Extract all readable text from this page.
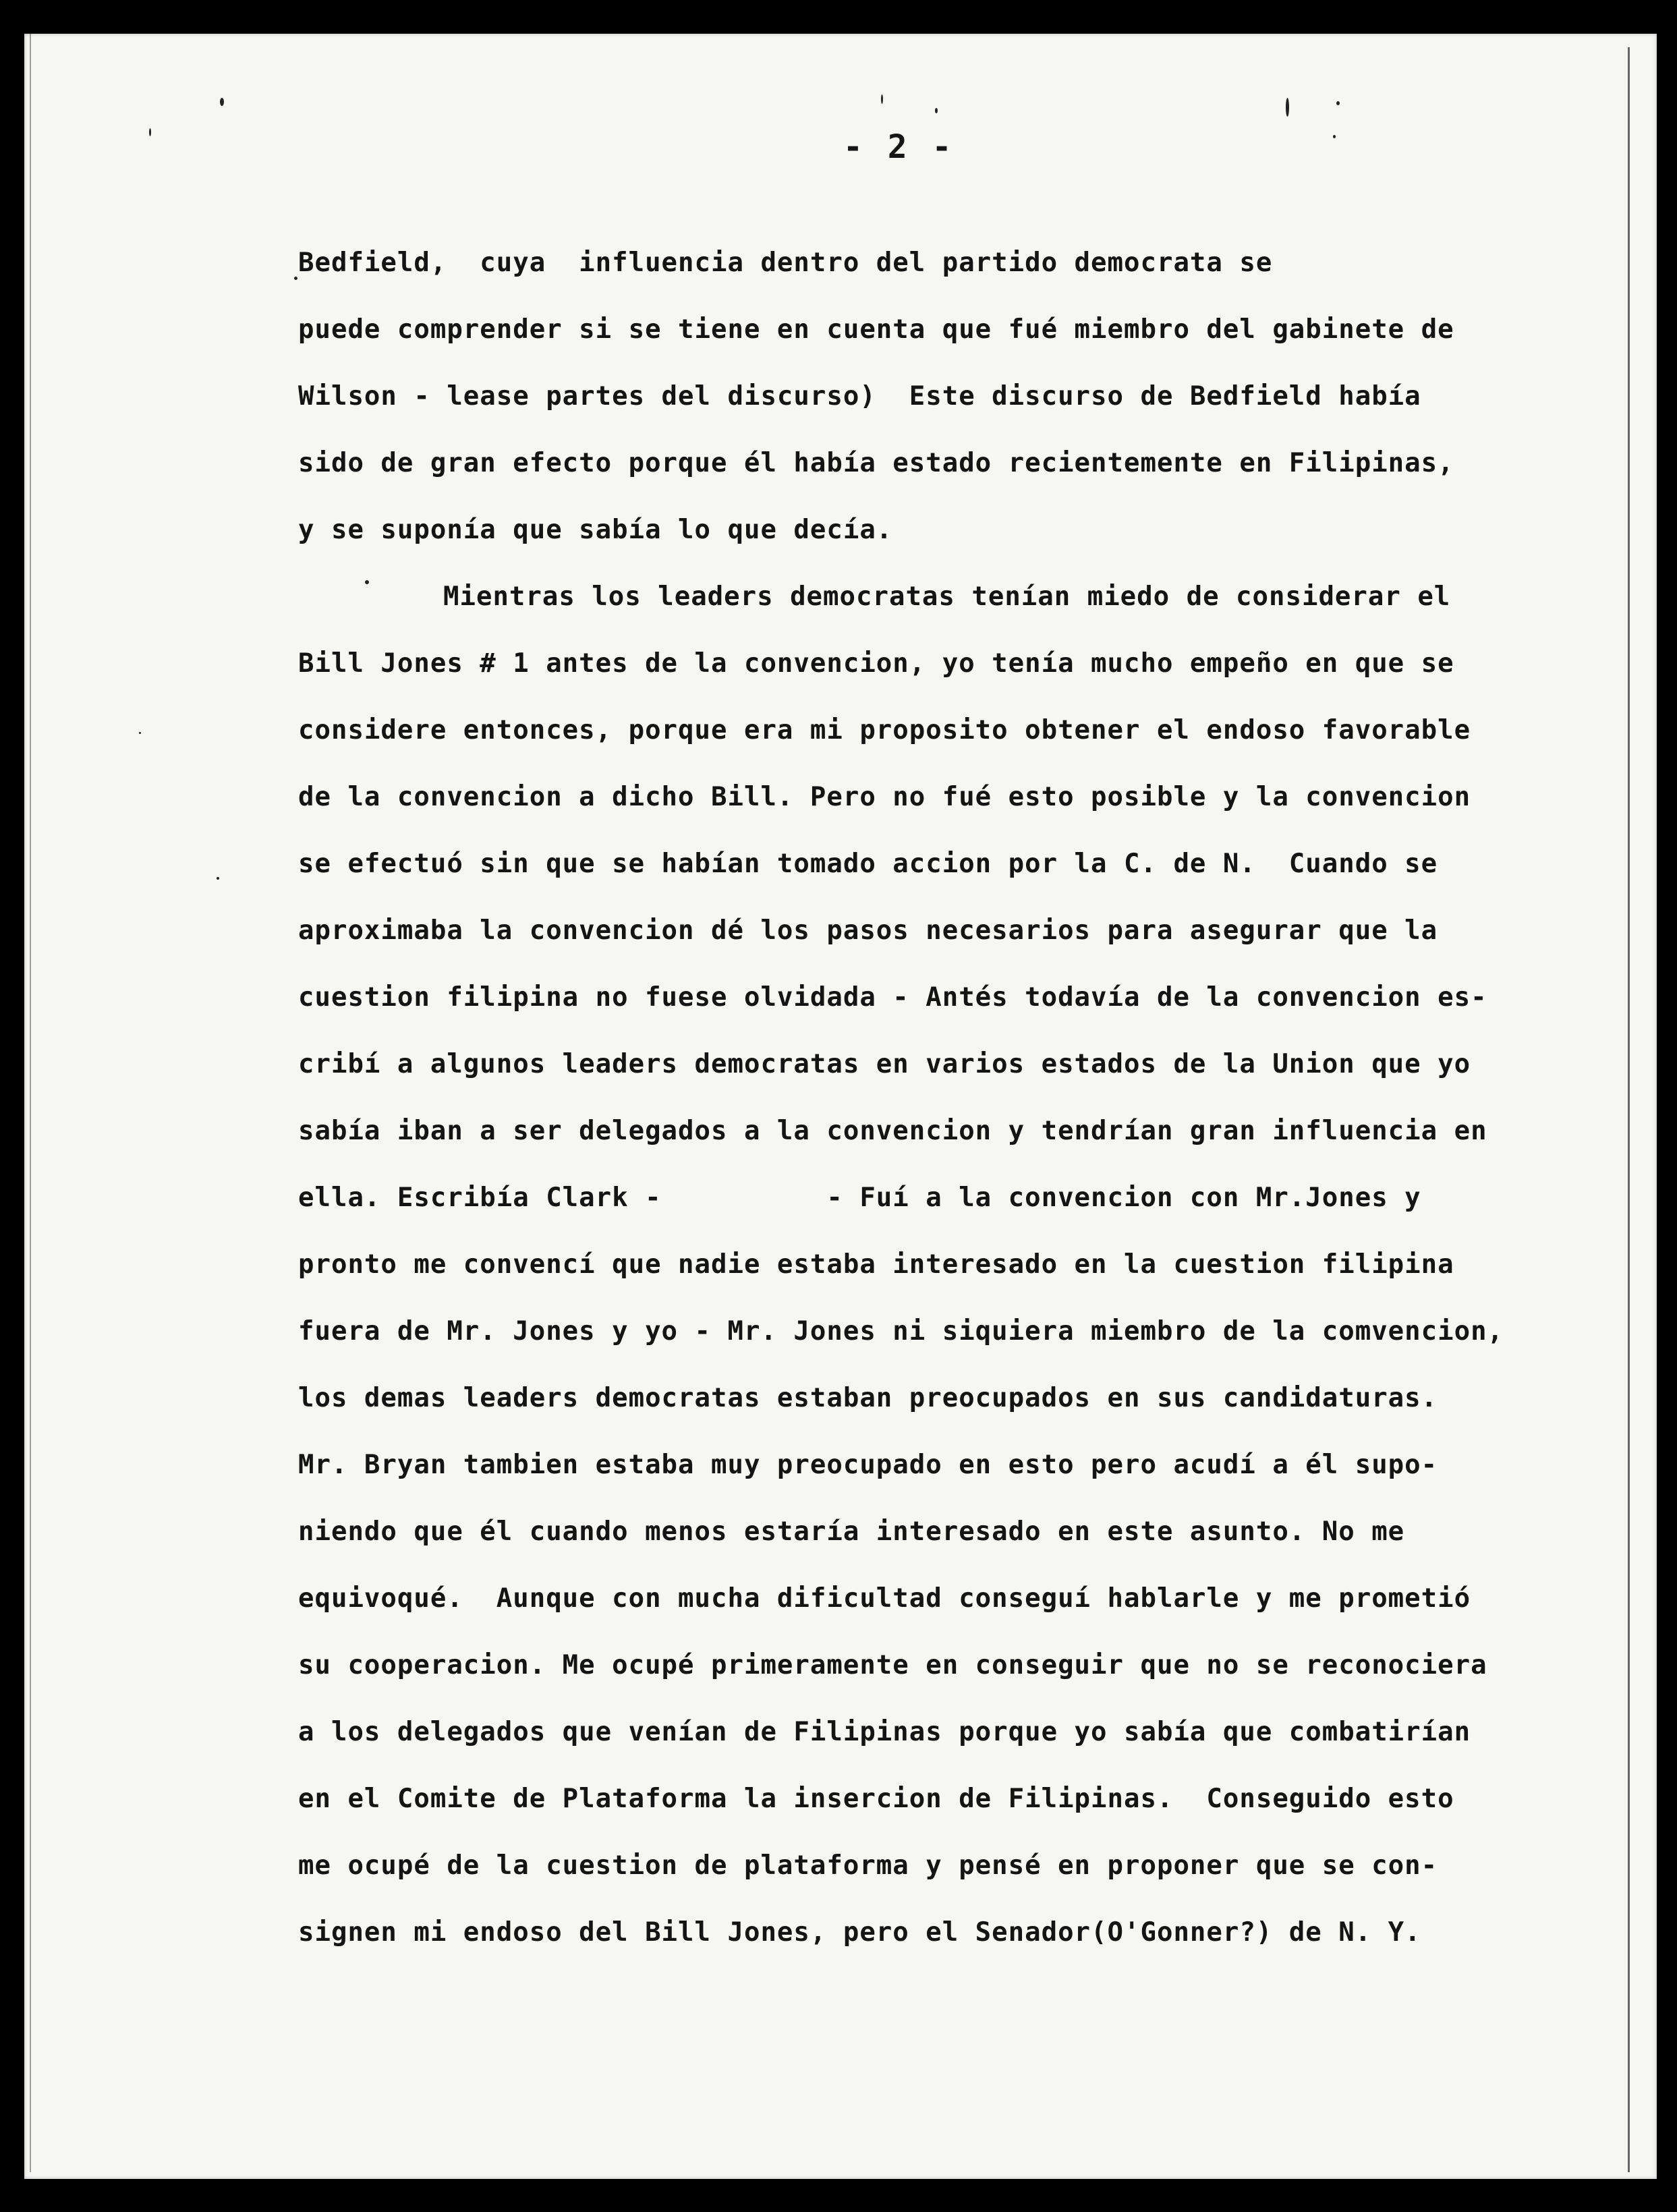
- 2 -
Bedfield,  cuya  influencia dentro del partido democrata se
puede comprender si se tiene en cuenta que fué miembro del gabinete de
Wilson - lease partes del discurso)  Este discurso de Bedfield había
sido de gran efecto porque él había estado recientemente en Filipinas,
y se suponía que sabía lo que decía.
Mientras los leaders democratas tenían miedo de considerar el
Bill Jones # 1 antes de la convencion, yo tenía mucho empeño en que se
considere entonces, porque era mi proposito obtener el endoso favorable
de la convencion a dicho Bill. Pero no fué esto posible y la convencion
se efectuó sin que se habían tomado accion por la C. de N.  Cuando se
aproximaba la convencion dé los pasos necesarios para asegurar que la
cuestion filipina no fuese olvidada - Antés todavía de la convencion es-
cribí a algunos leaders democratas en varios estados de la Union que yo
sabía iban a ser delegados a la convencion y tendrían gran influencia en
ella. Escribía Clark -          - Fuí a la convencion con Mr.Jones y
pronto me convencí que nadie estaba interesado en la cuestion filipina
fuera de Mr. Jones y yo - Mr. Jones ni siquiera miembro de la comvencion,
los demas leaders democratas estaban preocupados en sus candidaturas.
Mr. Bryan tambien estaba muy preocupado en esto pero acudí a él supo-
niendo que él cuando menos estaría interesado en este asunto. No me
equivoqué.  Aunque con mucha dificultad conseguí hablarle y me prometió
su cooperacion. Me ocupé primeramente en conseguir que no se reconociera
a los delegados que venían de Filipinas porque yo sabía que combatirían
en el Comite de Plataforma la insercion de Filipinas.  Conseguido esto
me ocupé de la cuestion de plataforma y pensé en proponer que se con-
signen mi endoso del Bill Jones, pero el Senador(O'Gonner?) de N. Y.
